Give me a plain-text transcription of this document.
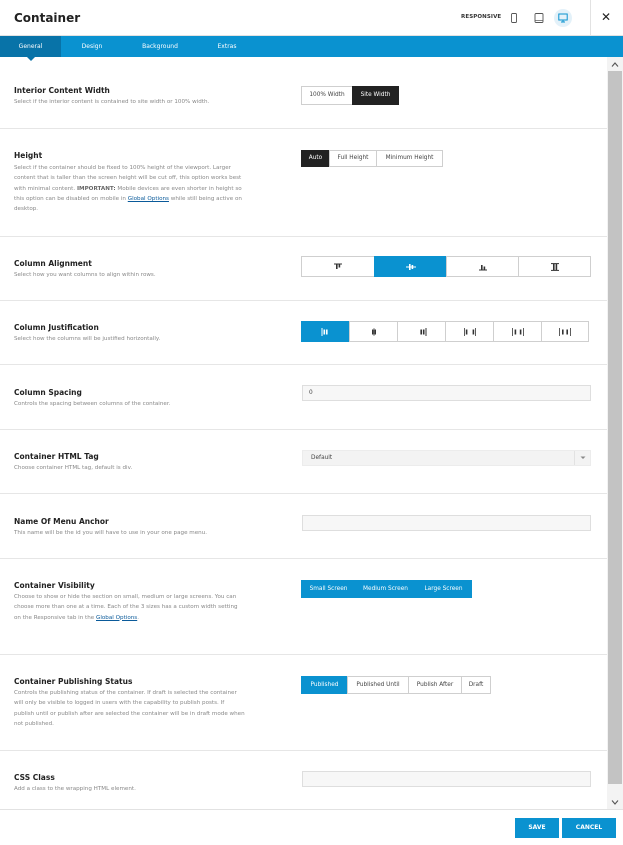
Container	RESPONSIVE	✕
General	Design	Background	Extras
Interior Content Width
Select if the interior content is contained to site width or 100% width.
100% Width	Site Width
Height
Select if the container should be fixed to 100% height of the viewport. Larger content that is taller than the screen height will be cut off, this option works best with minimal content. IMPORTANT: Mobile devices are even shorter in height so this option can be disabled on mobile in Global Options while still being active on desktop.
Auto	Full Height	Minimum Height
Column Alignment
Select how you want columns to align within rows.
Column Justification
Select how the columns will be justified horizontally.
Column Spacing
Controls the spacing between columns of the container.
0
Container HTML Tag
Choose container HTML tag, default is div.
Default
Name Of Menu Anchor
This name will be the id you will have to use in your one page menu.
Container Visibility
Choose to show or hide the section on small, medium or large screens. You can choose more than one at a time. Each of the 3 sizes has a custom width setting on the Responsive tab in the Global Options.
Small Screen	Medium Screen	Large Screen
Container Publishing Status
Controls the publishing status of the container. If draft is selected the container will only be visible to logged in users with the capability to publish posts. If publish until or publish after are selected the container will be in draft mode when not published.
Published	Published Until	Publish After	Draft
CSS Class
Add a class to the wrapping HTML element.
SAVE	CANCEL
